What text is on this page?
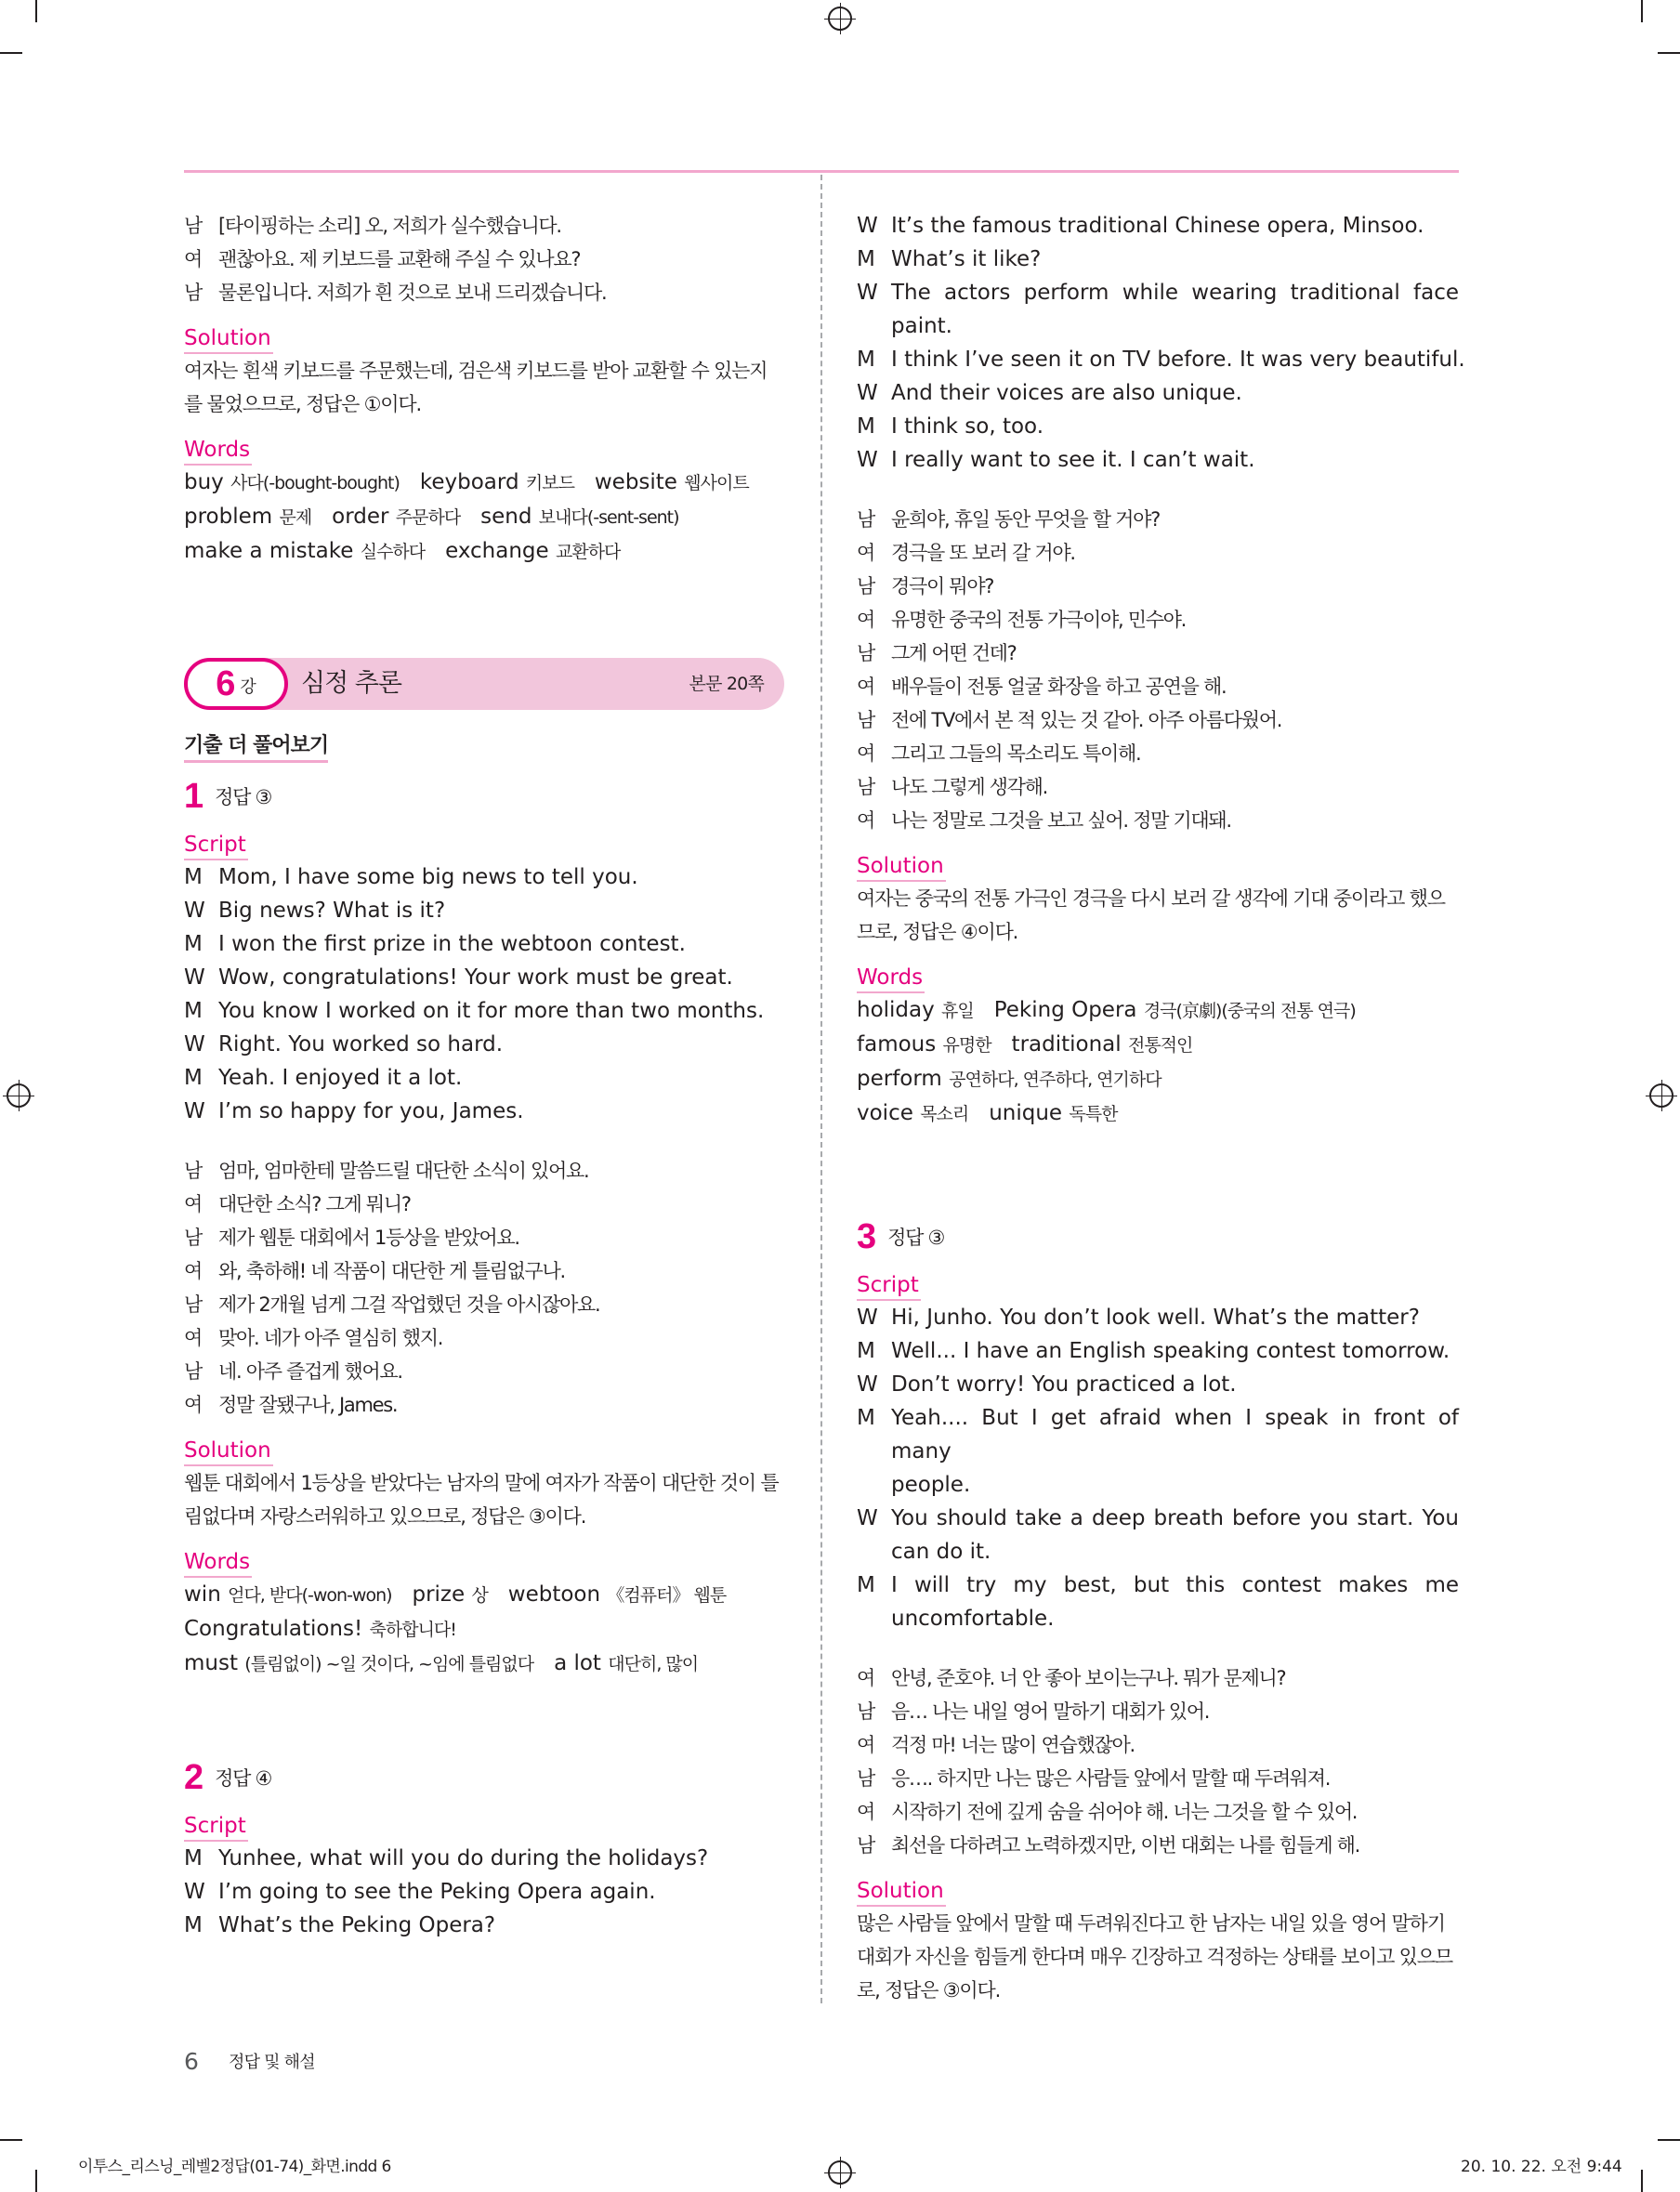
남 [타이핑하는 소리] 오, 저희가 실수했습니다.
여 괜찮아요. 제 키보드를 교환해 주실 수 있나요?
남 물론입니다. 저희가 흰 것으로 보내 드리겠습니다.
Solution
여자는 흰색 키보드를 주문했는데, 검은색 키보드를 받아 교환할 수 있는지를 물었으므로, 정답은 ①이다.
Words
buy 사다(-bought-bought) keyboard 키보드 website 웹사이트
problem 문제 order 주문하다 send 보내다(-sent-sent)
make a mistake 실수하다 exchange 교환하다
6 강	심정 추론	본문 20쪽
기출 더 풀어보기
1 정답 ③
Script
M Mom, I have some big news to tell you.
W Big news? What is it?
M I won the first prize in the webtoon contest.
W Wow, congratulations! Your work must be great.
M You know I worked on it for more than two months.
W Right. You worked so hard.
M Yeah. I enjoyed it a lot.
W I’m so happy for you, James.
남 엄마, 엄마한테 말씀드릴 대단한 소식이 있어요.
여 대단한 소식? 그게 뭐니?
남 제가 웹툰 대회에서 1등상을 받았어요.
여 와, 축하해! 네 작품이 대단한 게 틀림없구나.
남 제가 2개월 넘게 그걸 작업했던 것을 아시잖아요.
여 맞아. 네가 아주 열심히 했지.
남 네. 아주 즐겁게 했어요.
여 정말 잘됐구나, James.
Solution
웹툰 대회에서 1등상을 받았다는 남자의 말에 여자가 작품이 대단한 것이 틀림없다며 자랑스러워하고 있으므로, 정답은 ③이다.
Words
win 얻다, 받다(-won-won) prize 상 webtoon 《컴퓨터》 웹툰
Congratulations! 축하합니다!
must (틀림없이) ~일 것이다, ~임에 틀림없다 a lot 대단히, 많이
2 정답 ④
Script
M Yunhee, what will you do during the holidays?
W I’m going to see the Peking Opera again.
M What’s the Peking Opera?
W It’s the famous traditional Chinese opera, Minsoo.
M What’s it like?
W The actors perform while wearing traditional face
paint.
M I think I’ve seen it on TV before. It was very beautiful.
W And their voices are also unique.
M I think so, too.
W I really want to see it. I can’t wait.
남 윤희야, 휴일 동안 무엇을 할 거야?
여 경극을 또 보러 갈 거야.
남 경극이 뭐야?
여 유명한 중국의 전통 가극이야, 민수야.
남 그게 어떤 건데?
여 배우들이 전통 얼굴 화장을 하고 공연을 해.
남 전에 TV에서 본 적 있는 것 같아. 아주 아름다웠어.
여 그리고 그들의 목소리도 특이해.
남 나도 그렇게 생각해.
여 나는 정말로 그것을 보고 싶어. 정말 기대돼.
Solution
여자는 중국의 전통 가극인 경극을 다시 보러 갈 생각에 기대 중이라고 했으므로, 정답은 ④이다.
Words
holiday 휴일 Peking Opera 경극(京劇)(중국의 전통 연극)
famous 유명한 traditional 전통적인
perform 공연하다, 연주하다, 연기하다
voice 목소리 unique 독특한
3 정답 ③
Script
W Hi, Junho. You don’t look well. What’s the matter?
M Well... I have an English speaking contest tomorrow.
W Don’t worry! You practiced a lot.
M Yeah.... But I get afraid when I speak in front of many
people.
W You should take a deep breath before you start. You
can do it.
M I will try my best, but this contest makes me
uncomfortable.
여 안녕, 준호야. 너 안 좋아 보이는구나. 뭐가 문제니?
남 음… 나는 내일 영어 말하기 대회가 있어.
여 걱정 마! 너는 많이 연습했잖아.
남 응…. 하지만 나는 많은 사람들 앞에서 말할 때 두려워져.
여 시작하기 전에 깊게 숨을 쉬어야 해. 너는 그것을 할 수 있어.
남 최선을 다하려고 노력하겠지만, 이번 대회는 나를 힘들게 해.
Solution
많은 사람들 앞에서 말할 때 두려워진다고 한 남자는 내일 있을 영어 말하기 대회가 자신을 힘들게 한다며 매우 긴장하고 걱정하는 상태를 보이고 있으므로, 정답은 ③이다.
6 정답 및 해설
이투스_리스닝_레벨2정답(01-74)_화면.indd 6	20. 10. 22. 오전 9:44
